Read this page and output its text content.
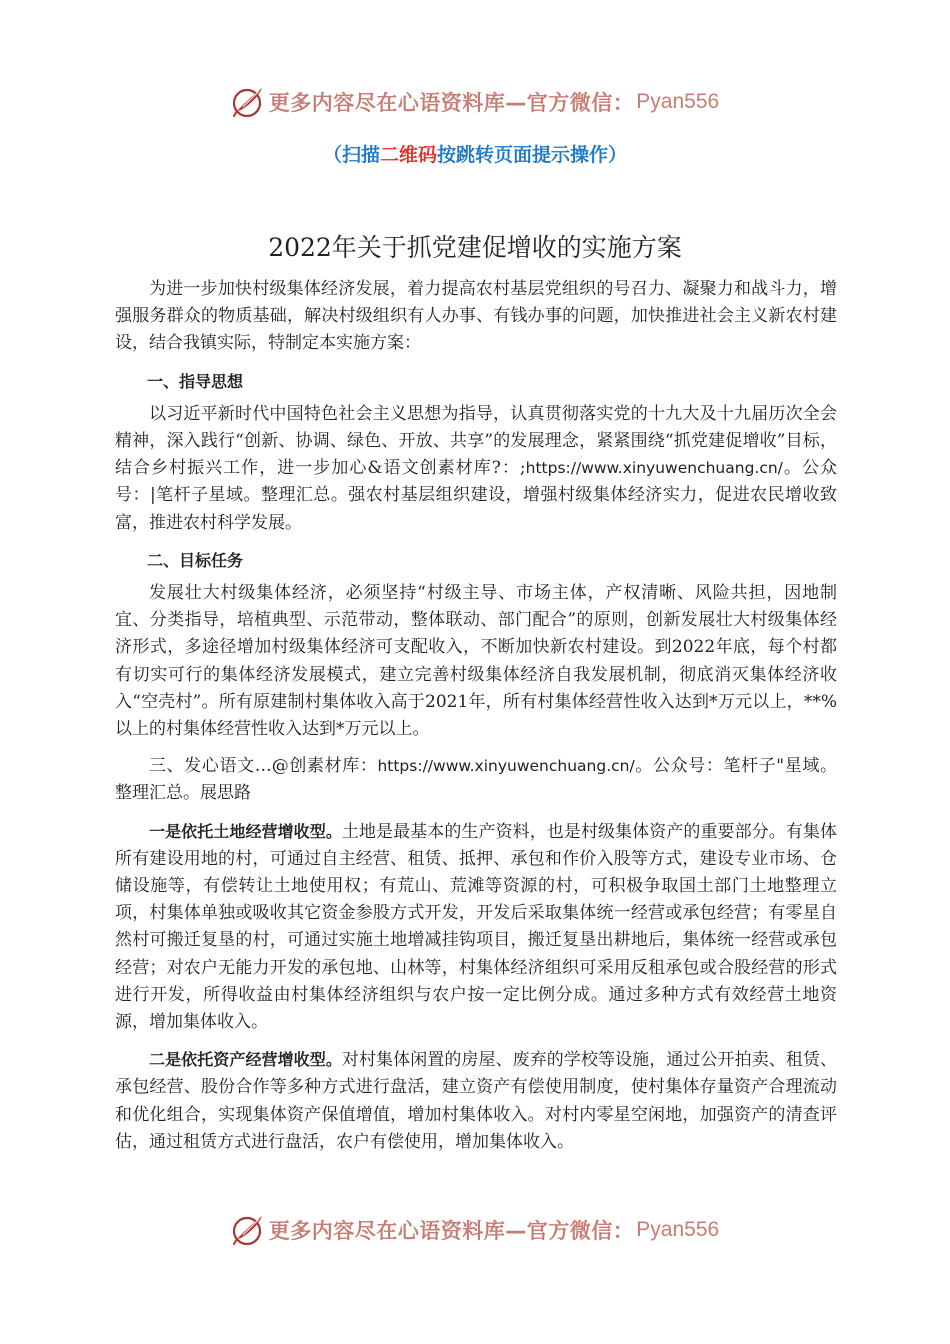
更多内容尽在心语资料库—官方微信： Pyan556
（扫描二维码按跳转页面提示操作）
2022年关于抓党建促增收的实施方案

为进一步加快村级集体经济发展，着力提高农村基层党组织的号召力、凝聚力和战斗力，增强服务群众的物质基础，解决村级组织有人办事、有钱办事的问题，加快推进社会主义新农村建设，结合我镇实际，特制定本实施方案：

一、指导思想

以习近平新时代中国特色社会主义思想为指导，认真贯彻落实党的十九大及十九届历次全会精神，深入践行“创新、协调、绿色、开放、共享”的发展理念，紧紧围绕“抓党建促增收”目标，结合乡村振兴工作，进一步加心&语文创素材库?：;https://www.xinyuwenchuang.cn/。公众号：|笔杆子星域。整理汇总。强农村基层组织建设，增强村级集体经济实力，促进农民增收致富，推进农村科学发展。

二、目标任务

发展壮大村级集体经济，必须坚持“村级主导、市场主体，产权清晰、风险共担，因地制宜、分类指导，培植典型、示范带动，整体联动、部门配合”的原则，创新发展壮大村级集体经济形式，多途径增加村级集体经济可支配收入，不断加快新农村建设。到2022年底，每个村都有切实可行的集体经济发展模式，建立完善村级集体经济自我发展机制，彻底消灭集体经济收入“空壳村”。所有原建制村集体收入高于2021年，所有村集体经营性收入达到*万元以上，**%以上的村集体经营性收入达到*万元以上。

三、发心语文…@创素材库：https://www.xinyuwenchuang.cn/。公众号：笔杆子"星域。整理汇总。展思路

一是依托土地经营增收型。土地是最基本的生产资料，也是村级集体资产的重要部分。有集体所有建设用地的村，可通过自主经营、租赁、抵押、承包和作价入股等方式，建设专业市场、仓储设施等，有偿转让土地使用权；有荒山、荒滩等资源的村，可积极争取国土部门土地整理立项，村集体单独或吸收其它资金参股方式开发，开发后采取集体统一经营或承包经营；有零星自然村可搬迁复垦的村，可通过实施土地增减挂钩项目，搬迁复垦出耕地后，集体统一经营或承包经营；对农户无能力开发的承包地、山林等，村集体经济组织可采用反租承包或合股经营的形式进行开发，所得收益由村集体经济组织与农户按一定比例分成。通过多种方式有效经营土地资源，增加集体收入。

二是依托资产经营增收型。对村集体闲置的房屋、废弃的学校等设施，通过公开拍卖、租赁、承包经营、股份合作等多种方式进行盘活，建立资产有偿使用制度，使村集体存量资产合理流动和优化组合，实现集体资产保值增值，增加村集体收入。对村内零星空闲地，加强资产的清查评估，通过租赁方式进行盘活，农户有偿使用，增加集体收入。

更多内容尽在心语资料库—官方微信： Pyan556
